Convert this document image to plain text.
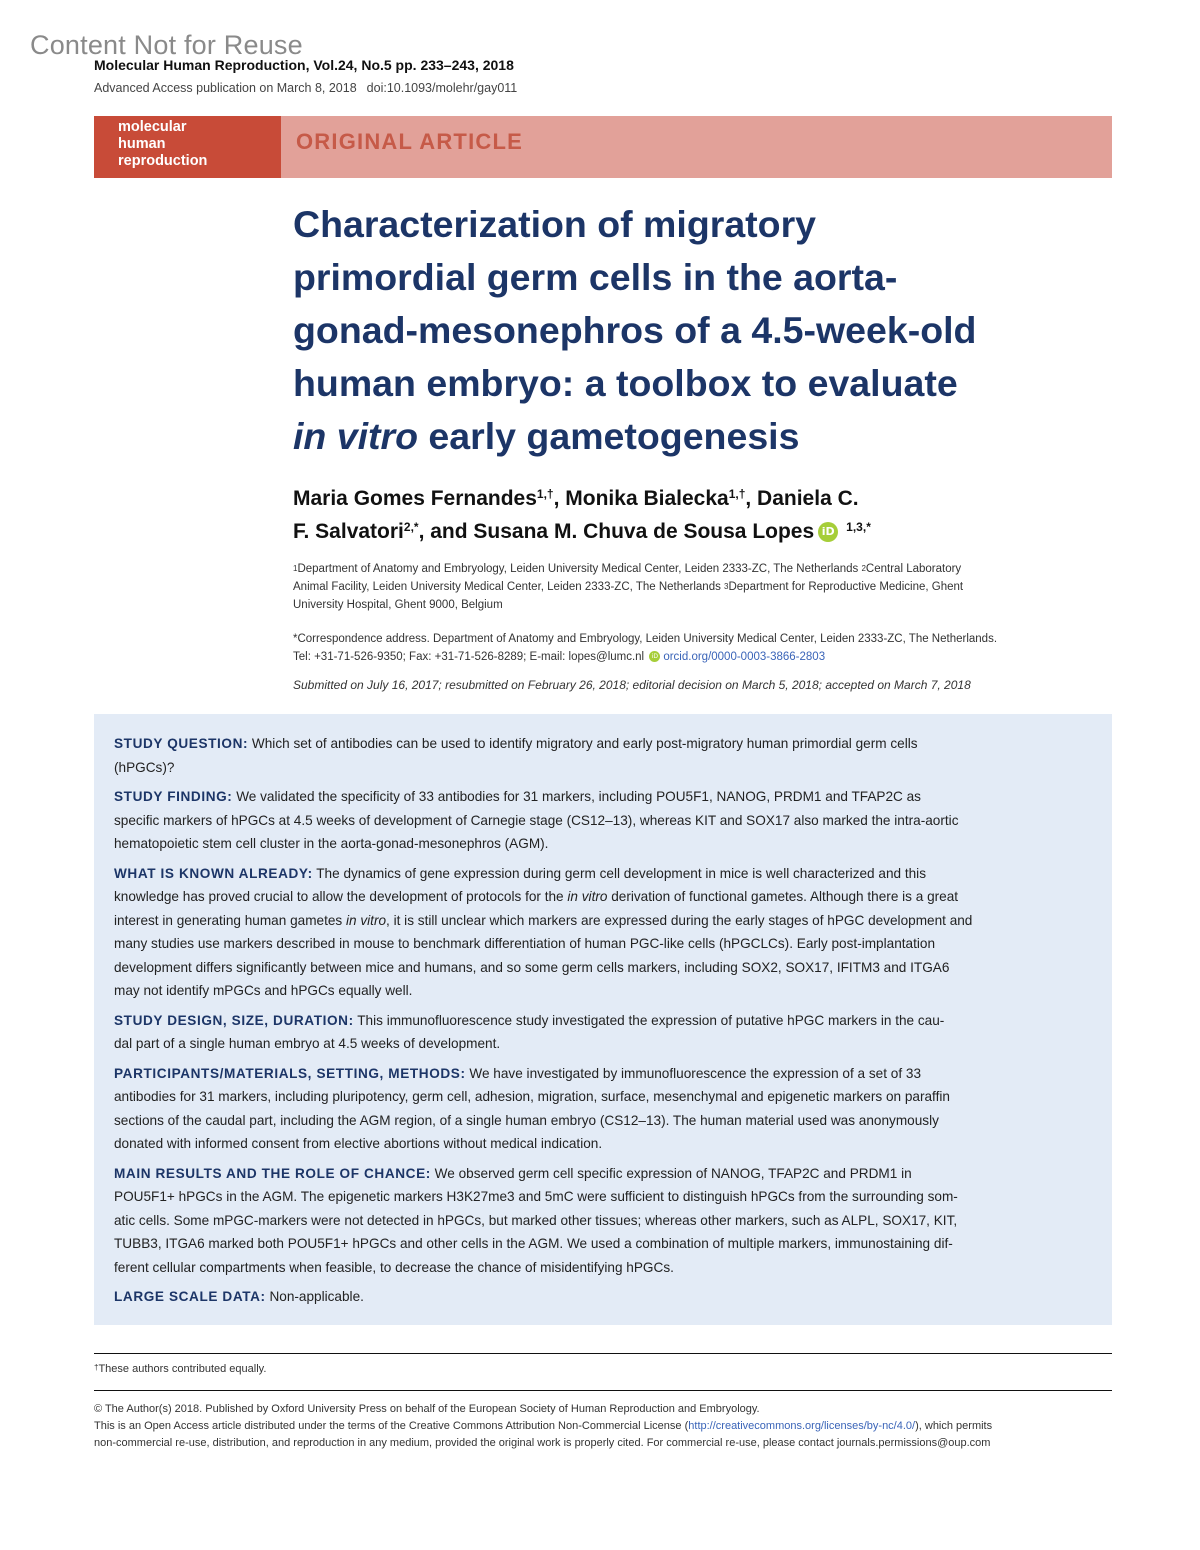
Content Not for Reuse
Molecular Human Reproduction, Vol.24, No.5 pp. 233–243, 2018
Advanced Access publication on March 8, 2018 doi:10.1093/molehr/gay011
molecular
human
reproduction
ORIGINAL ARTICLE
Characterization of migratory
primordial germ cells in the aorta-
gonad-mesonephros of a 4.5-week-old
human embryo: a toolbox to evaluate
in vitro early gametogenesis
Maria Gomes Fernandes$^{1,\dagger}$, Monika Bialecka$^{1,\dagger}$, Daniela C.
F. Salvatori$^{2,*}$, and Susana M. Chuva de Sousa Lopes iD $^{1,3,*}$
$^1$Department of Anatomy and Embryology, Leiden University Medical Center, Leiden 2333-ZC, The Netherlands $^2$Central Laboratory
Animal Facility, Leiden University Medical Center, Leiden 2333-ZC, The Netherlands $^3$Department for Reproductive Medicine, Ghent
University Hospital, Ghent 9000, Belgium
*Correspondence address. Department of Anatomy and Embryology, Leiden University Medical Center, Leiden 2333-ZC, The Netherlands.
Tel: +31-71-526-9350; Fax: +31-71-526-8289; E-mail: lopes@lumc.nl iD orcid.org/0000-0003-3866-2803
Submitted on July 16, 2017; resubmitted on February 26, 2018; editorial decision on March 5, 2018; accepted on March 7, 2018
STUDY QUESTION: Which set of antibodies can be used to identify migratory and early post-migratory human primordial germ cells
(hPGCs)?
STUDY FINDING: We validated the specificity of 33 antibodies for 31 markers, including POU5F1, NANOG, PRDM1 and TFAP2C as
specific markers of hPGCs at 4.5 weeks of development of Carnegie stage (CS12–13), whereas KIT and SOX17 also marked the intra-aortic
hematopoietic stem cell cluster in the aorta-gonad-mesonephros (AGM).
WHAT IS KNOWN ALREADY: The dynamics of gene expression during germ cell development in mice is well characterized and this
knowledge has proved crucial to allow the development of protocols for the in vitro derivation of functional gametes. Although there is a great
interest in generating human gametes in vitro, it is still unclear which markers are expressed during the early stages of hPGC development and
many studies use markers described in mouse to benchmark differentiation of human PGC-like cells (hPGCLCs). Early post-implantation
development differs significantly between mice and humans, and so some germ cells markers, including SOX2, SOX17, IFITM3 and ITGA6
may not identify mPGCs and hPGCs equally well.
STUDY DESIGN, SIZE, DURATION: This immunofluorescence study investigated the expression of putative hPGC markers in the cau-
dal part of a single human embryo at 4.5 weeks of development.
PARTICIPANTS/MATERIALS, SETTING, METHODS: We have investigated by immunofluorescence the expression of a set of 33
antibodies for 31 markers, including pluripotency, germ cell, adhesion, migration, surface, mesenchymal and epigenetic markers on paraffin
sections of the caudal part, including the AGM region, of a single human embryo (CS12–13). The human material used was anonymously
donated with informed consent from elective abortions without medical indication.
MAIN RESULTS AND THE ROLE OF CHANCE: We observed germ cell specific expression of NANOG, TFAP2C and PRDM1 in
POU5F1+ hPGCs in the AGM. The epigenetic markers H3K27me3 and 5mC were sufficient to distinguish hPGCs from the surrounding som-
atic cells. Some mPGC-markers were not detected in hPGCs, but marked other tissues; whereas other markers, such as ALPL, SOX17, KIT,
TUBB3, ITGA6 marked both POU5F1+ hPGCs and other cells in the AGM. We used a combination of multiple markers, immunostaining dif-
ferent cellular compartments when feasible, to decrease the chance of misidentifying hPGCs.
LARGE SCALE DATA: Non-applicable.
†These authors contributed equally.
© The Author(s) 2018. Published by Oxford University Press on behalf of the European Society of Human Reproduction and Embryology.
This is an Open Access article distributed under the terms of the Creative Commons Attribution Non-Commercial License (http://creativecommons.org/licenses/by-nc/4.0/), which permits
non-commercial re-use, distribution, and reproduction in any medium, provided the original work is properly cited. For commercial re-use, please contact journals.permissions@oup.com
